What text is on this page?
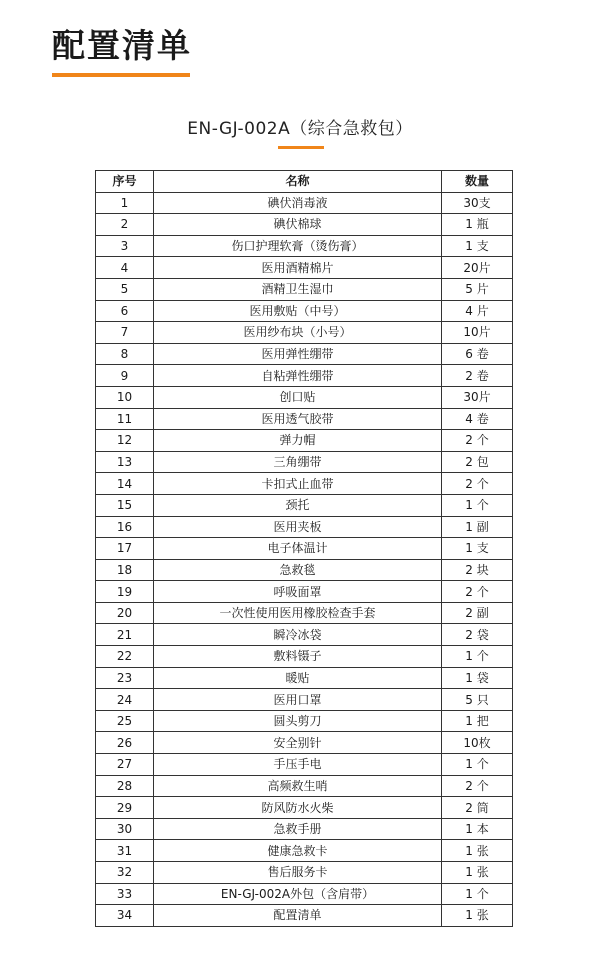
配置清单
EN-GJ-002A（综合急救包）
序号	名称	数量
1	碘伏消毒液	30支
2	碘伏棉球	1 瓶
3	伤口护理软膏（烫伤膏）	1 支
4	医用酒精棉片	20片
5	酒精卫生湿巾	5 片
6	医用敷贴（中号）	4 片
7	医用纱布块（小号）	10片
8	医用弹性绷带	6 卷
9	自粘弹性绷带	2 卷
10	创口贴	30片
11	医用透气胶带	4 卷
12	弹力帽	2 个
13	三角绷带	2 包
14	卡扣式止血带	2 个
15	颈托	1 个
16	医用夹板	1 副
17	电子体温计	1 支
18	急救毯	2 块
19	呼吸面罩	2 个
20	一次性使用医用橡胶检查手套	2 副
21	瞬冷冰袋	2 袋
22	敷料镊子	1 个
23	暖贴	1 袋
24	医用口罩	5 只
25	圆头剪刀	1 把
26	安全别针	10枚
27	手压手电	1 个
28	高频救生哨	2 个
29	防风防水火柴	2 筒
30	急救手册	1 本
31	健康急救卡	1 张
32	售后服务卡	1 张
33	EN-GJ-002A外包（含肩带）	1 个
34	配置清单	1 张
